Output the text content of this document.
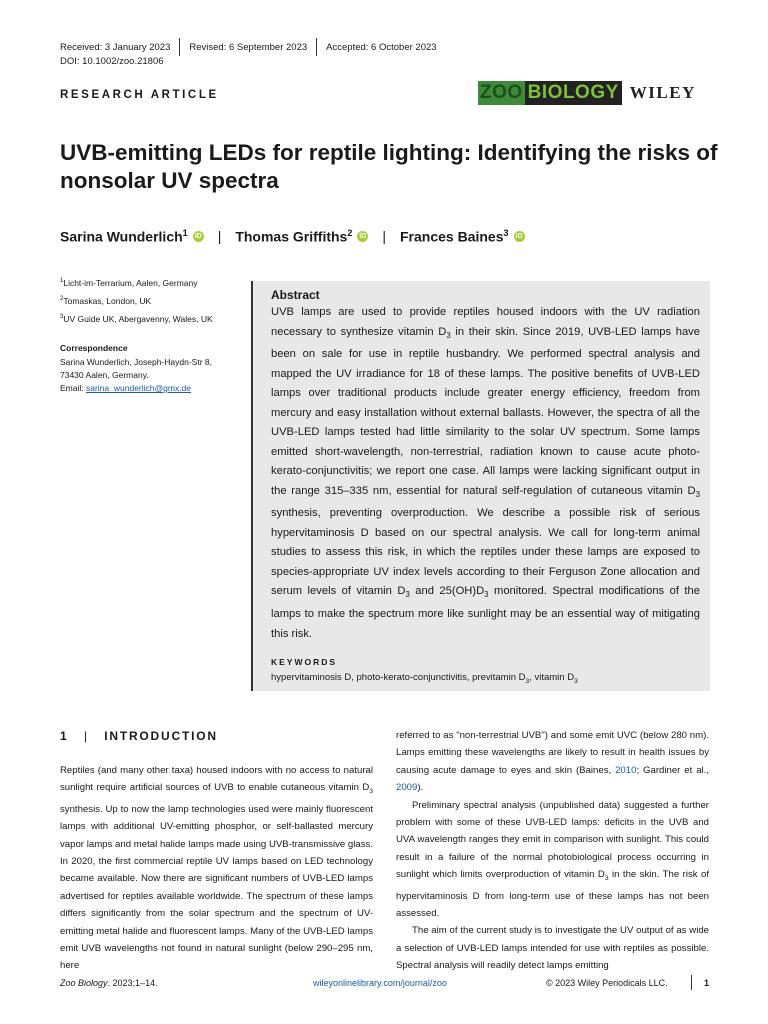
Received: 3 January 2023 Revised: 6 September 2023 Accepted: 6 October 2023
DOI: 10.1002/zoo.21806
RESEARCH ARTICLE	ZOO BIOLOGY WILEY
UVB-emitting LEDs for reptile lighting: Identifying the risks of nonsolar UV spectra
Sarina Wunderlich$^1$ iD | Thomas Griffiths$^2$ iD | Frances Baines$^3$ iD
$^1$Licht-im-Terrarium, Aalen, Germany
$^2$Tomaskas, London, UK
$^3$UV Guide UK, Abergavenny, Wales, UK
Correspondence
Sarina Wunderlich, Joseph-Haydn-Str 8,
73430 Aalen, Germany.
Email: sarina_wunderlich@gmx.de
Abstract
UVB lamps are used to provide reptiles housed indoors with the UV radiation necessary to synthesize vitamin $D_3$ in their skin. Since 2019, UVB-LED lamps have been on sale for use in reptile husbandry. We performed spectral analysis and mapped the UV irradiance for 18 of these lamps. The positive benefits of UVB-LED lamps over traditional products include greater energy efficiency, freedom from mercury and easy installation without external ballasts. However, the spectra of all the UVB-LED lamps tested had little similarity to the solar UV spectrum. Some lamps emitted short-wavelength, non-terrestrial, radiation known to cause acute photo-kerato-conjunctivitis; we report one case. All lamps were lacking significant output in the range 315–335 nm, essential for natural self-regulation of cutaneous vitamin $D_3$ synthesis, preventing overproduction. We describe a possible risk of serious hypervitaminosis D based on our spectral analysis. We call for long-term animal studies to assess this risk, in which the reptiles under these lamps are exposed to species-appropriate UV index levels according to their Ferguson Zone allocation and serum levels of vitamin $D_3$ and $25(OH)D_3$ monitored. Spectral modifications of the lamps to make the spectrum more like sunlight may be an essential way of mitigating this risk.
KEYWORDS
hypervitaminosis D, photo-kerato-conjunctivitis, previtamin $D_3$, vitamin $D_3$
1 | INTRODUCTION

Reptiles (and many other taxa) housed indoors with no access to natural sunlight require artificial sources of UVB to enable cutaneous vitamin $D_3$ synthesis. Up to now the lamp technologies used were mainly fluorescent lamps with additional UV-emitting phosphor, or self-ballasted mercury vapor lamps and metal halide lamps made using UVB-transmissive glass. In 2020, the first commercial reptile UV lamps based on LED technology became available. Now there are significant numbers of UVB-LED lamps advertised for reptiles available worldwide. The spectrum of these lamps differs significantly from the solar spectrum and the spectrum of UV-emitting metal halide and fluorescent lamps. Many of the UVB-LED lamps emit UVB wavelengths not found in natural sunlight (below 290–295 nm, here

referred to as "non-terrestrial UVB") and some emit UVC (below 280 nm). Lamps emitting these wavelengths are likely to result in health issues by causing acute damage to eyes and skin (Baines, 2010; Gardiner et al., 2009).

Preliminary spectral analysis (unpublished data) suggested a further problem with some of these UVB-LED lamps: deficits in the UVB and UVA wavelength ranges they emit in comparison with sunlight. This could result in a failure of the normal photobiological process occurring in sunlight which limits overproduction of vitamin $D_3$ in the skin. The risk of hypervitaminosis D from long-term use of these lamps has not been assessed.

The aim of the current study is to investigate the UV output of as wide a selection of UVB-LED lamps intended for use with reptiles as possible. Spectral analysis will readily detect lamps emitting

Zoo Biology. 2023;1–14.	wileyonlinelibrary.com/journal/zoo	© 2023 Wiley Periodicals LLC.	1
